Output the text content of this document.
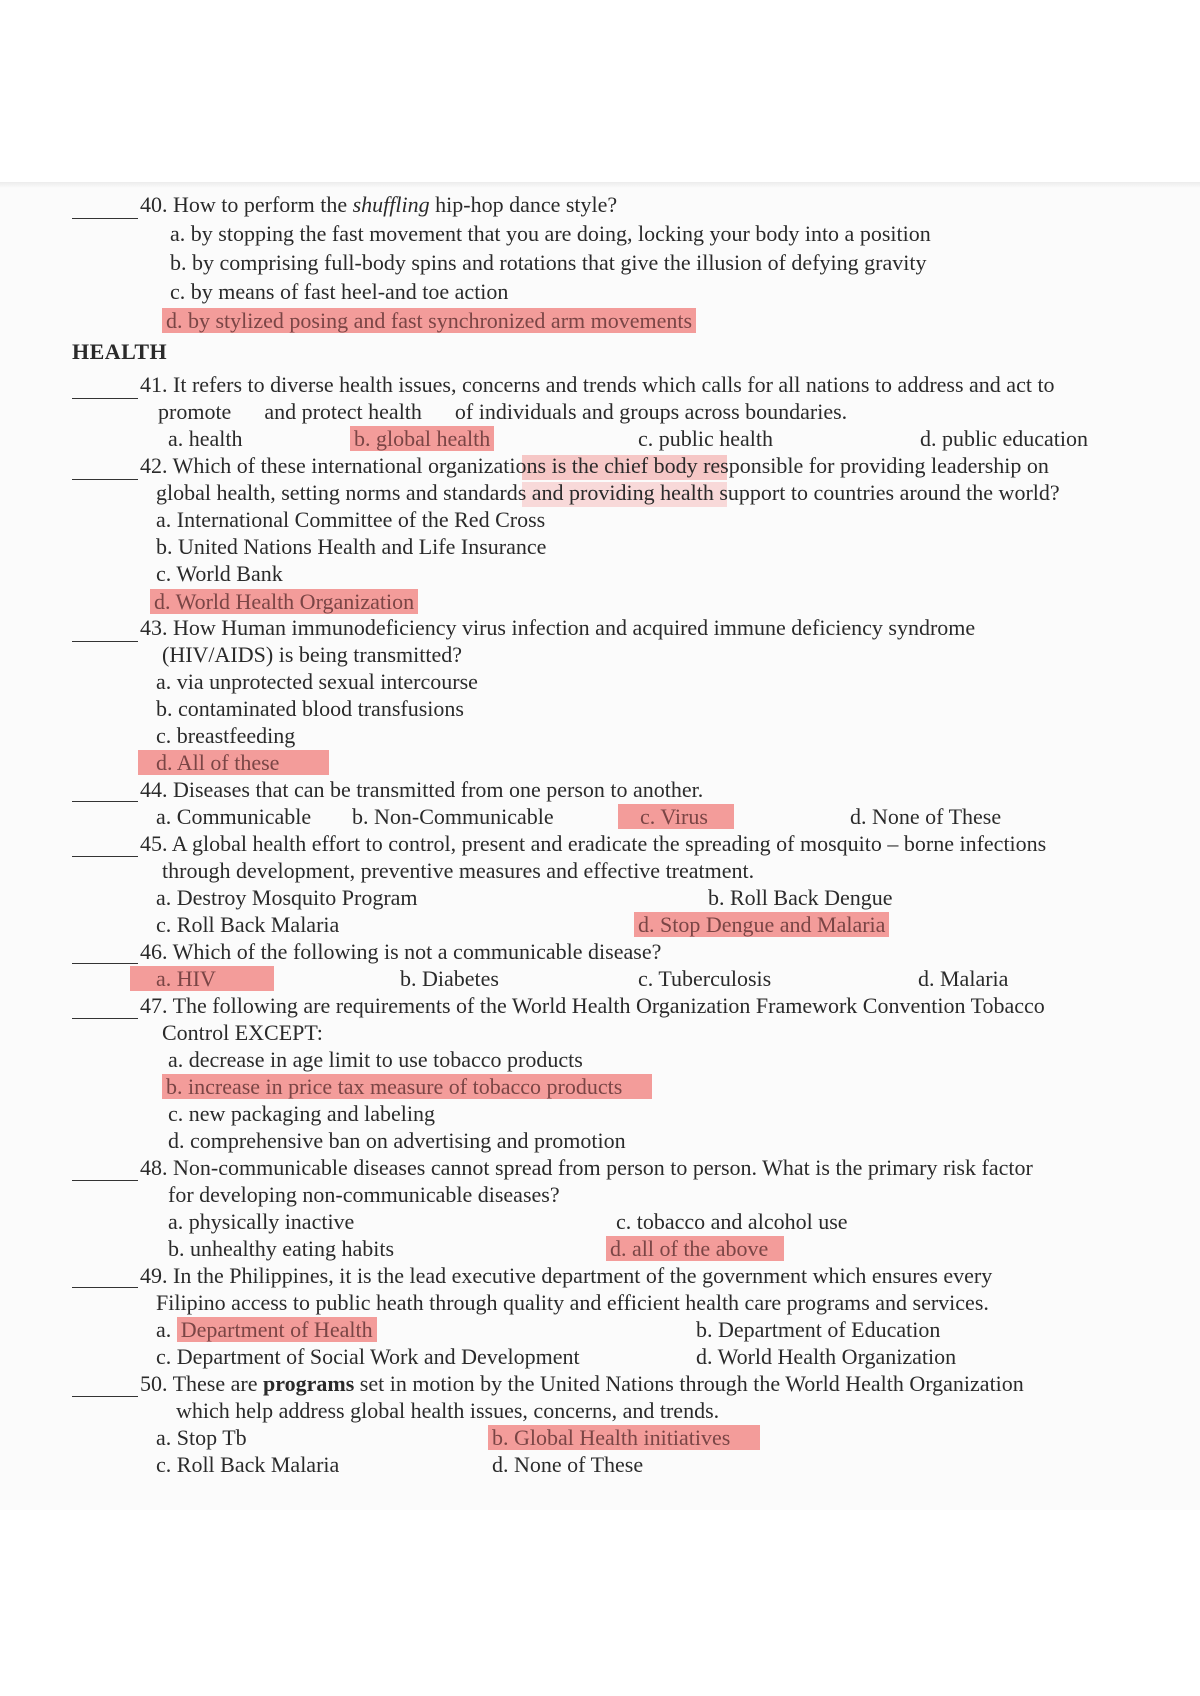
40. How to perform the shuffling hip-hop dance style?
a. by stopping the fast movement that you are doing, locking your body into a position
b. by comprising full-body spins and rotations that give the illusion of defying gravity
c. by means of fast heel-and toe action
d. by stylized posing and fast synchronized arm movements
HEALTH
41. It refers to diverse health issues, concerns and trends which calls for all nations to address and act to
promote      and protect health      of individuals and groups across boundaries.
a. health	b. global health	c. public health	d. public education
42. Which of these international organizations is the chief body responsible for providing leadership on
global health, setting norms and standards and providing health support to countries around the world?
a. International Committee of the Red Cross
b. United Nations Health and Life Insurance
c. World Bank
d. World Health Organization
43. How Human immunodeficiency virus infection and acquired immune deficiency syndrome
(HIV/AIDS) is being transmitted?
a. via unprotected sexual intercourse
b. contaminated blood transfusions
c. breastfeeding
d. All of these
44. Diseases that can be transmitted from one person to another.
a. Communicable b. Non-Communicable	c. Virus	d. None of These
45. A global health effort to control, present and eradicate the spreading of mosquito – borne infections
through development, preventive measures and effective treatment.
a. Destroy Mosquito Program	b. Roll Back Dengue
c. Roll Back Malaria	d. Stop Dengue and Malaria
46. Which of the following is not a communicable disease?
a. HIV	b. Diabetes	c. Tuberculosis	d. Malaria
47. The following are requirements of the World Health Organization Framework Convention Tobacco
Control EXCEPT:
a. decrease in age limit to use tobacco products
b. increase in price tax measure of tobacco products
c. new packaging and labeling
d. comprehensive ban on advertising and promotion
48. Non-communicable diseases cannot spread from person to person. What is the primary risk factor
for developing non-communicable diseases?
a. physically inactive	c. tobacco and alcohol use
b. unhealthy eating habits	d. all of the above
49. In the Philippines, it is the lead executive department of the government which ensures every
Filipino access to public heath through quality and efficient health care programs and services.
a. Department of Health	b. Department of Education
c. Department of Social Work and Development	d. World Health Organization
50. These are programs set in motion by the United Nations through the World Health Organization
which help address global health issues, concerns, and trends.
a. Stop Tb	b. Global Health initiatives
c. Roll Back Malaria	d. None of These
